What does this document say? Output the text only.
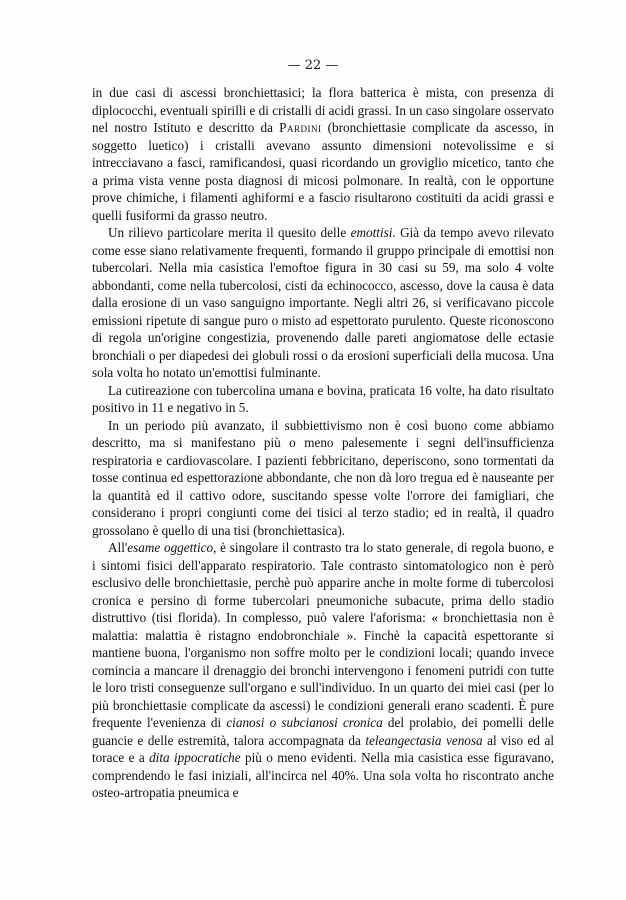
— 22 —

in due casi di ascessi bronchiettasici; la flora batterica è mista, con presenza di diplococchi, eventuali spirilli e di cristalli di acidi grassi. In un caso singolare osservato nel nostro Istituto e descritto da Pardini (bronchiettasie complicate da ascesso, in soggetto luetico) i cristalli avevano assunto dimensioni notevolissime e si intrecciavano a fasci, ramificandosi, quasi ricordando un groviglio micetico, tanto che a prima vista venne posta diagnosi di micosi polmonare. In realtà, con le opportune prove chimiche, i filamenti aghiformi e a fascio risultarono costituiti da acidi grassi e quelli fusiformi da grasso neutro.

Un rilievo particolare merita il quesito delle emottisi. Già da tempo avevo rilevato come esse siano relativamente frequenti, formando il gruppo principale di emottisi non tubercolari. Nella mia casistica l'emoftoe figura in 30 casi su 59, ma solo 4 volte abbondanti, come nella tubercolosi, cisti da echinococco, ascesso, dove la causa è data dalla erosione di un vaso sanguigno importante. Negli altri 26, si verificavano piccole emissioni ripetute di sangue puro o misto ad espettorato purulento. Queste riconoscono di regola un'origine congestizia, provenendo dalle pareti angiomatose delle ectasie bronchiali o per diapedesi dei globuli rossi o da erosioni superficiali della mucosa. Una sola volta ho notato un'emottisi fulminante.

La cutireazione con tubercolina umana e bovina, praticata 16 volte, ha dato risultato positivo in 11 e negativo in 5.

In un periodo più avanzato, il subbiettivismo non è così buono come abbiamo descritto, ma si manifestano più o meno palesemente i segni dell'insufficienza respiratoria e cardiovascolare. I pazienti febbricitano, deperiscono, sono tormentati da tosse continua ed espettorazione abbondante, che non dà loro tregua ed è nauseante per la quantità ed il cattivo odore, suscitando spesse volte l'orrore dei famigliari, che considerano i propri congiunti come dei tisici al terzo stadio; ed in realtà, il quadro grossolano è quello di una tisi (bronchiettasica).

All'esame oggettico, è singolare il contrasto tra lo stato generale, di regola buono, e i sintomi fisici dell'apparato respiratorio. Tale contrasto sintomatologico non è però esclusivo delle bronchiettasie, perchè può apparire anche in molte forme di tubercolosi cronica e persino di forme tubercolari pneumoniche subacute, prima dello stadio distruttivo (tisi florida). In complesso, può valere l'aforisma: « bronchiettasia non è malattia: malattia è ristagno endobronchiale ». Finchè la capacità espettorante si mantiene buona, l'organismo non soffre molto per le condizioni locali; quando invece comincia a mancare il drenaggio dei bronchi intervengono i fenomeni putridi con tutte le loro tristi conseguenze sull'organo e sull'individuo. In un quarto dei miei casi (per lo più bronchiettasie complicate da ascessi) le condizioni generali erano scadenti. È pure frequente l'evenienza di cianosi o subcianosi cronica del prolabio, dei pomelli delle guancie e delle estremità, talora accompagnata da teleangectasia venosa al viso ed al torace e a dita ippocratiche più o meno evidenti. Nella mia casistica esse figuravano, comprendendo le fasi iniziali, all'incirca nel 40%. Una sola volta ho riscontrato anche osteo-artropatia pneumica e
